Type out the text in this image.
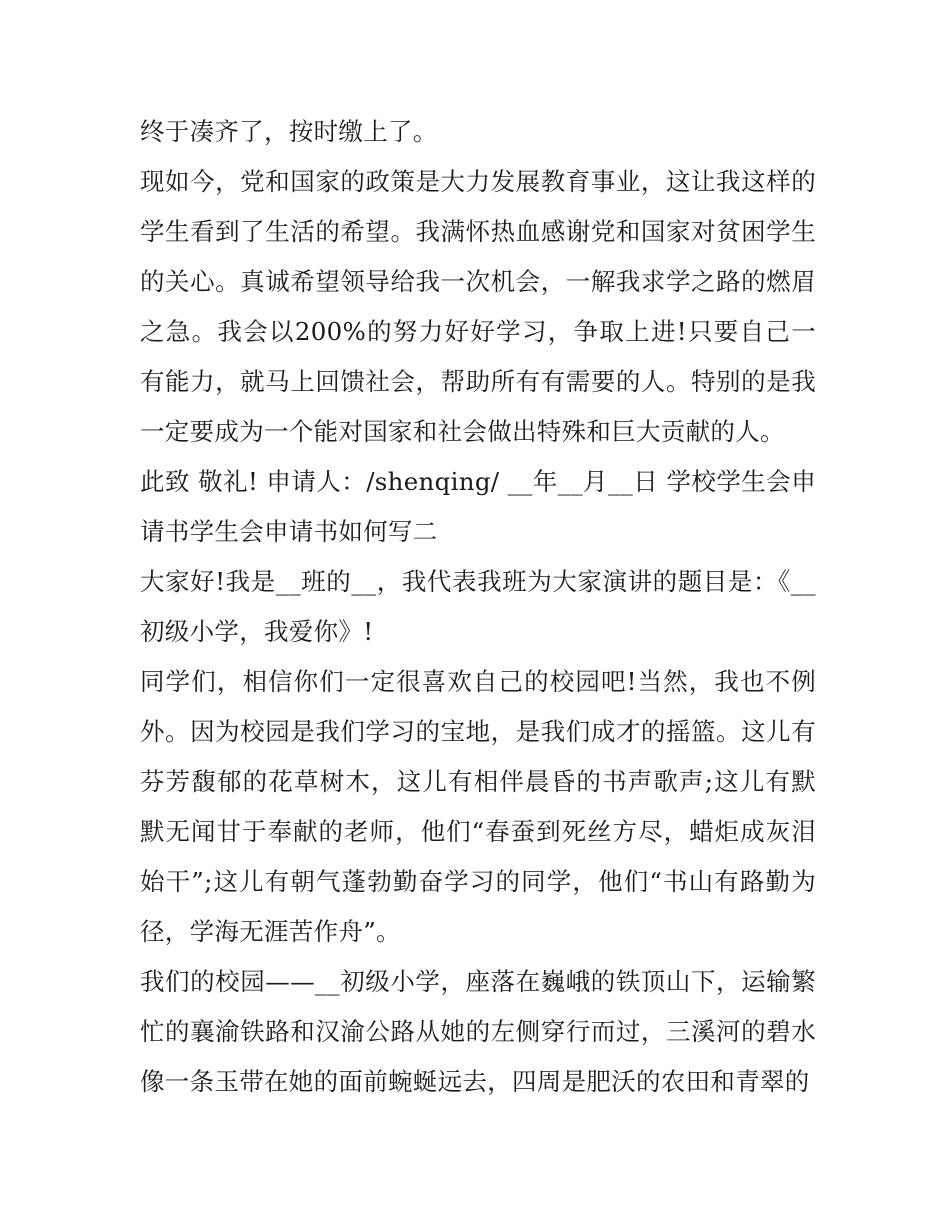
终于凑齐了，按时缴上了。

现如今，党和国家的政策是大力发展教育事业，这让我这样的学生看到了生活的希望。我满怀热血感谢党和国家对贫困学生的关心。真诚希望领导给我一次机会，一解我求学之路的燃眉之急。我会以200%的努力好好学习，争取上进!只要自己一有能力，就马上回馈社会，帮助所有有需要的人。特别的是我一定要成为一个能对国家和社会做出特殊和巨大贡献的人。

此致 敬礼! 申请人：/shenqing/ __年__月__日 学校学生会申请书学生会申请书如何写二

大家好!我是__班的__，我代表我班为大家演讲的题目是：《__初级小学，我爱你》!

同学们，相信你们一定很喜欢自己的校园吧!当然，我也不例外。因为校园是我们学习的宝地，是我们成才的摇篮。这儿有芬芳馥郁的花草树木，这儿有相伴晨昏的书声歌声;这儿有默默无闻甘于奉献的老师，他们“春蚕到死丝方尽，蜡炬成灰泪始干”;这儿有朝气蓬勃勤奋学习的同学，他们“书山有路勤为径，学海无涯苦作舟”。

我们的校园——__初级小学，座落在巍峨的铁顶山下，运输繁忙的襄渝铁路和汉渝公路从她的左侧穿行而过，三溪河的碧水像一条玉带在她的面前蜿蜒远去，四周是肥沃的农田和青翠的
